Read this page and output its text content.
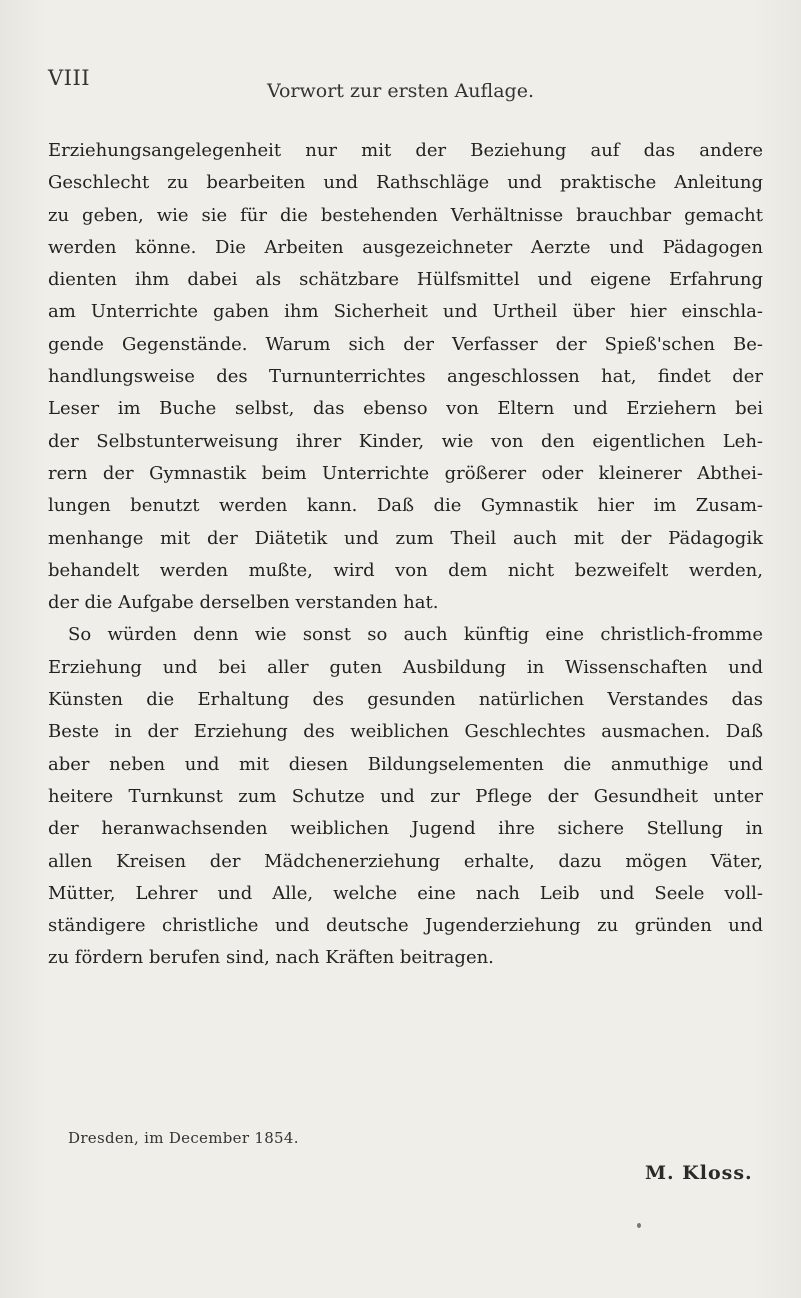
VIII
Vorwort zur ersten Auflage.
Erziehungsangelegenheit nur mit der Beziehung auf das andere
Geschlecht zu bearbeiten und Rathschläge und praktische Anleitung
zu geben, wie sie für die bestehenden Verhältnisse brauchbar gemacht
werden könne. Die Arbeiten ausgezeichneter Aerzte und Pädagogen
dienten ihm dabei als schätzbare Hülfsmittel und eigene Erfahrung
am Unterrichte gaben ihm Sicherheit und Urtheil über hier einschla-
gende Gegenstände. Warum sich der Verfasser der Spieß'schen Be-
handlungsweise des Turnunterrichtes angeschlossen hat, findet der
Leser im Buche selbst, das ebenso von Eltern und Erziehern bei
der Selbstunterweisung ihrer Kinder, wie von den eigentlichen Leh-
rern der Gymnastik beim Unterrichte größerer oder kleinerer Abthei-
lungen benutzt werden kann. Daß die Gymnastik hier im Zusam-
menhange mit der Diätetik und zum Theil auch mit der Pädagogik
behandelt werden mußte, wird von dem nicht bezweifelt werden,
der die Aufgabe derselben verstanden hat.
So würden denn wie sonst so auch künftig eine christlich-fromme
Erziehung und bei aller guten Ausbildung in Wissenschaften und
Künsten die Erhaltung des gesunden natürlichen Verstandes das
Beste in der Erziehung des weiblichen Geschlechtes ausmachen. Daß
aber neben und mit diesen Bildungselementen die anmuthige und
heitere Turnkunst zum Schutze und zur Pflege der Gesundheit unter
der heranwachsenden weiblichen Jugend ihre sichere Stellung in
allen Kreisen der Mädchenerziehung erhalte, dazu mögen Väter,
Mütter, Lehrer und Alle, welche eine nach Leib und Seele voll-
ständigere christliche und deutsche Jugenderziehung zu gründen und
zu fördern berufen sind, nach Kräften beitragen.
Dresden, im December 1854.
M. Kloss.
